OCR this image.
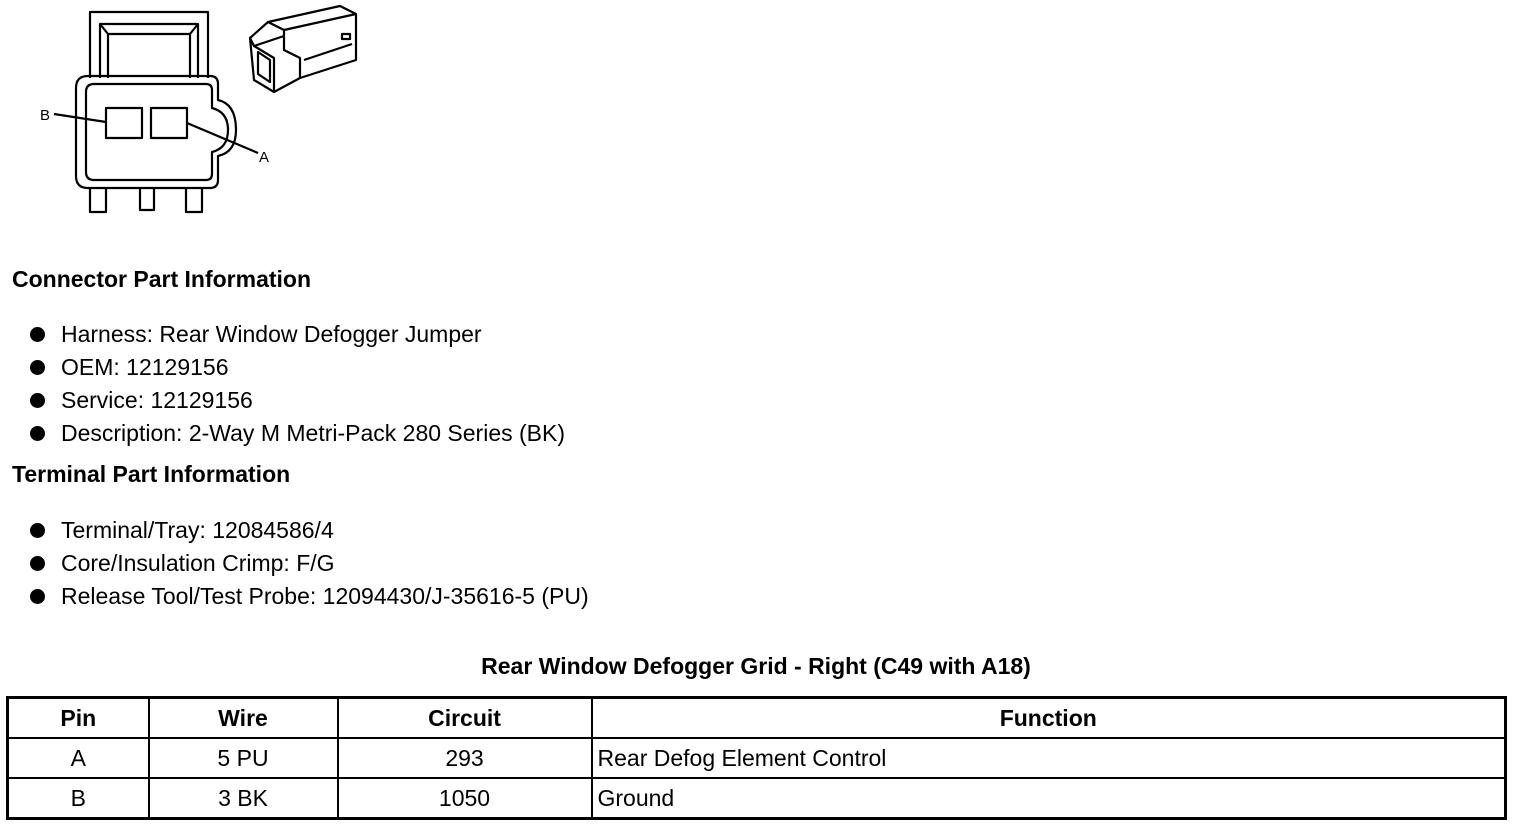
B
A
Connector Part Information
Harness: Rear Window Defogger Jumper
OEM: 12129156
Service: 12129156
Description: 2-Way M Metri-Pack 280 Series (BK)
Terminal Part Information
Terminal/Tray: 12084586/4
Core/Insulation Crimp: F/G
Release Tool/Test Probe: 12094430/J-35616-5 (PU)
Rear Window Defogger Grid - Right (C49 with A18)
Pin	Wire	Circuit	Function
A	5 PU	293	Rear Defog Element Control
B	3 BK	1050	Ground
